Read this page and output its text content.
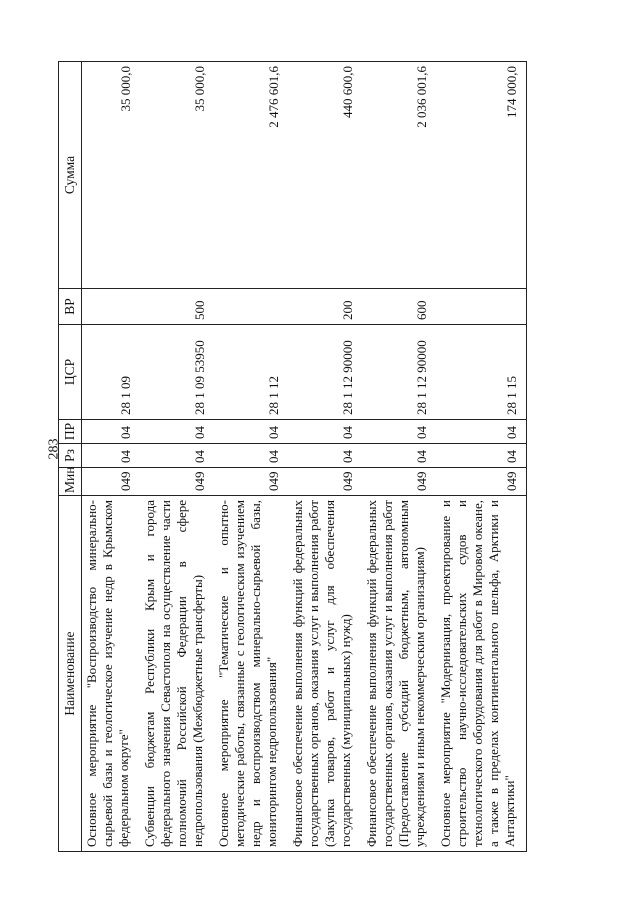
283
Наименование	Мин	Рз	ПР	ЦСР	ВР	Сумма
Основное мероприятие "Воспроизводство минерально-сырьевой базы и геологическое изучение недр в Крымском федеральном округе"	049	04	04	28 1 09		35 000,0
Субвенции бюджетам Республики Крым и города федерального значения Севастополя на осуществление части полномочий Российской Федерации в сфере недропользования (Межбюджетные трансферты)	049	04	04	28 1 09 53950	500	35 000,0
Основное мероприятие "Тематические и опытно-методические работы, связанные с геологическим изучением недр и воспроизводством минерально-сырьевой базы, мониторингом недропользования"	049	04	04	28 1 12		2 476 601,6
Финансовое обеспечение выполнения функций федеральных государственных органов, оказания услуг и выполнения работ (Закупка товаров, работ и услуг для обеспечения государственных (муниципальных) нужд)	049	04	04	28 1 12 90000	200	440 600,0
Финансовое обеспечение выполнения функций федеральных государственных органов, оказания услуг и выполнения работ (Предоставление субсидий бюджетным, автономным учреждениям и иным некоммерческим организациям)	049	04	04	28 1 12 90000	600	2 036 001,6
Основное мероприятие "Модернизация, проектирование и строительство научно-исследовательских судов и технологического оборудования для работ в Мировом океане, а также в пределах континентального шельфа, Арктики и Антарктики"	049	04	04	28 1 15		174 000,0
